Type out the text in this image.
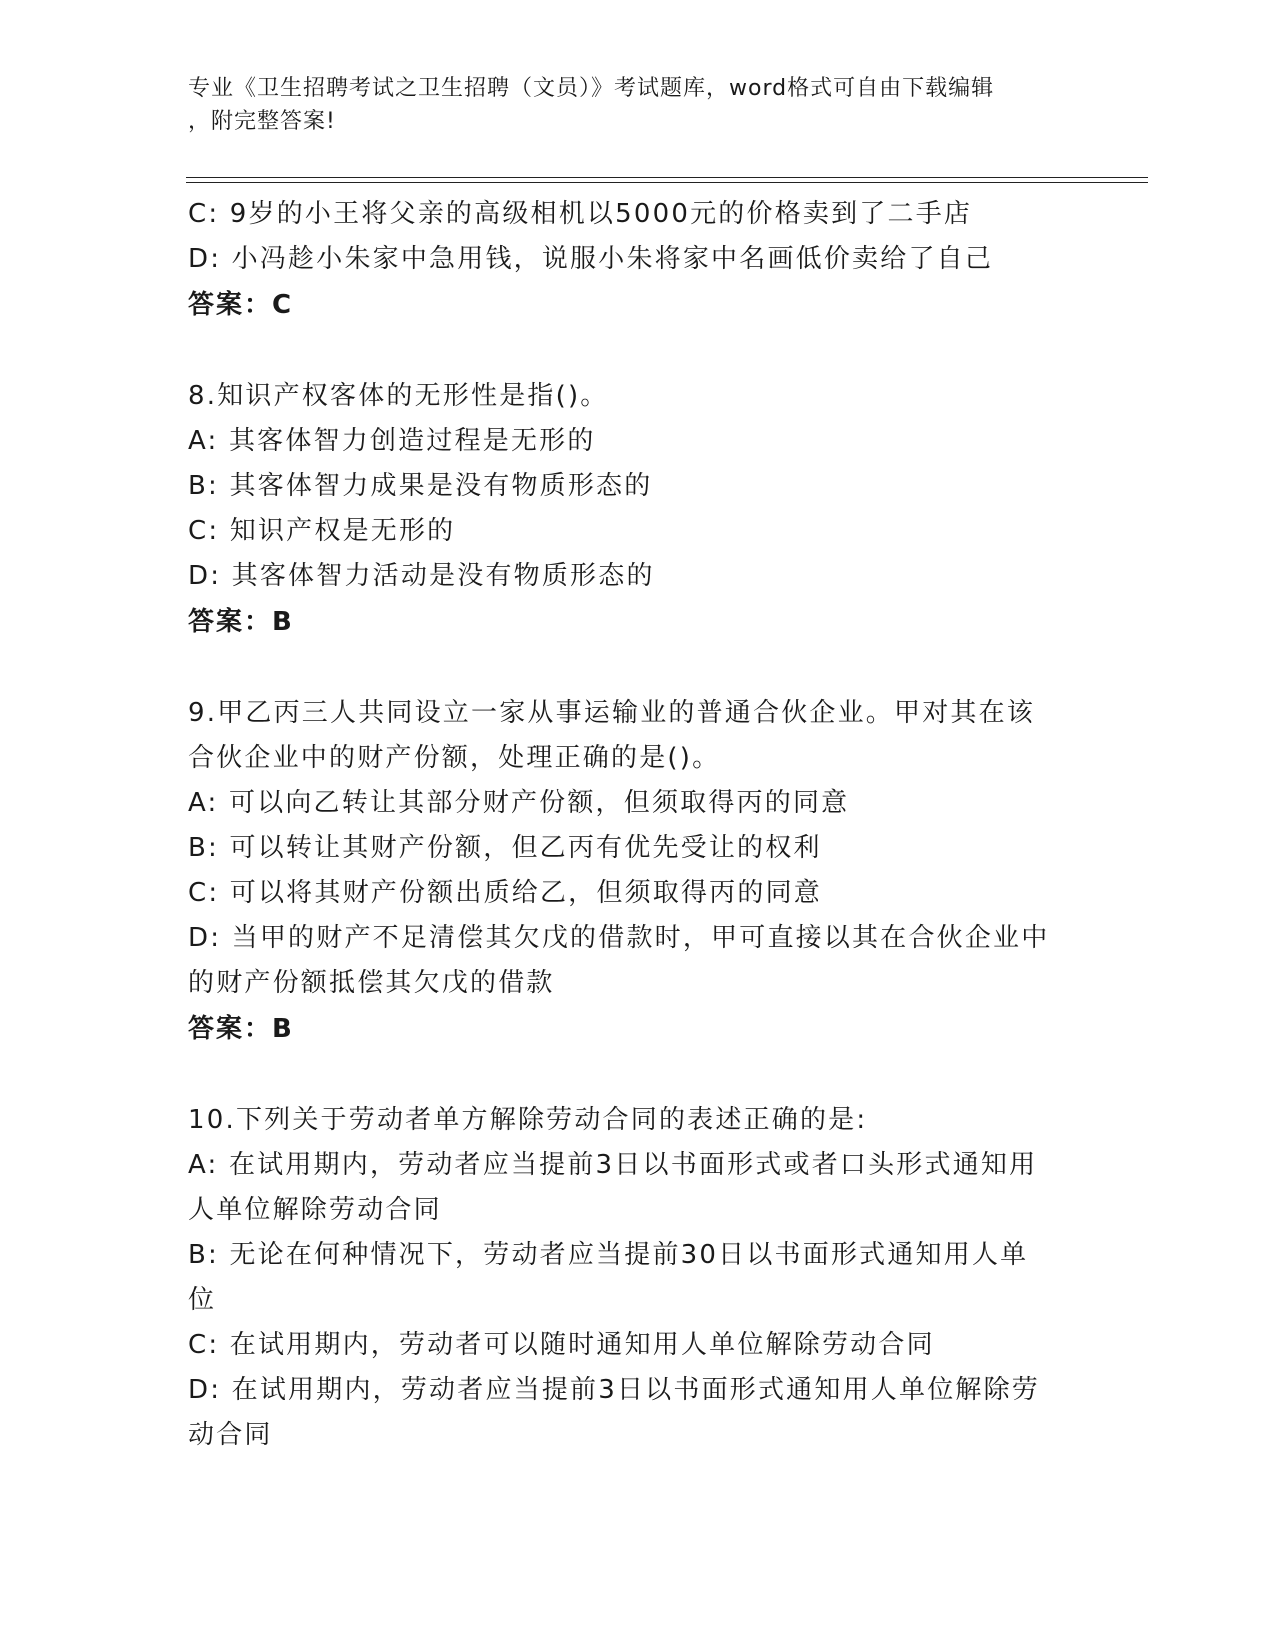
专业《卫生招聘考试之卫生招聘（文员）》考试题库，word格式可自由下载编辑
，附完整答案!
C: 9岁的小王将父亲的高级相机以5000元的价格卖到了二手店
D: 小冯趁小朱家中急用钱，说服小朱将家中名画低价卖给了自己
答案：C
8.知识产权客体的无形性是指()。
A: 其客体智力创造过程是无形的
B: 其客体智力成果是没有物质形态的
C: 知识产权是无形的
D: 其客体智力活动是没有物质形态的
答案：B
9.甲乙丙三人共同设立一家从事运输业的普通合伙企业。甲对其在该
合伙企业中的财产份额，处理正确的是()。
A: 可以向乙转让其部分财产份额，但须取得丙的同意
B: 可以转让其财产份额，但乙丙有优先受让的权利
C: 可以将其财产份额出质给乙，但须取得丙的同意
D: 当甲的财产不足清偿其欠戊的借款时，甲可直接以其在合伙企业中
的财产份额抵偿其欠戊的借款
答案：B
10.下列关于劳动者单方解除劳动合同的表述正确的是:
A: 在试用期内，劳动者应当提前3日以书面形式或者口头形式通知用
人单位解除劳动合同
B: 无论在何种情况下，劳动者应当提前30日以书面形式通知用人单
位
C: 在试用期内，劳动者可以随时通知用人单位解除劳动合同
D: 在试用期内，劳动者应当提前3日以书面形式通知用人单位解除劳
动合同
